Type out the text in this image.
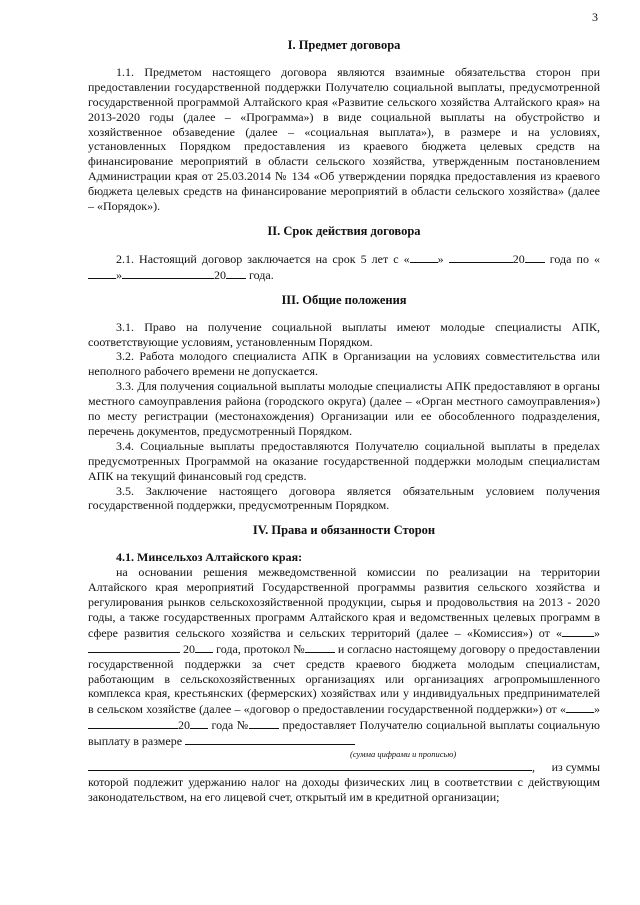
3
I. Предмет договора

1.1. Предметом настоящего договора являются взаимные обязательства сторон при предоставлении государственной поддержки Получателю социальной выплаты, предусмотренной государственной программой Алтайского края «Развитие сельского хозяйства Алтайского края» на 2013-2020 годы (далее – «Программа») в виде социальной выплаты на обустройство и хозяйственное обзаведение (далее – «социальная выплата»), в размере и на условиях, установленных Порядком предоставления из краевого бюджета целевых средств на финансирование мероприятий в области сельского хозяйства, утвержденным постановлением Администрации края от 25.03.2014 № 134 «Об утверждении порядка предоставления из краевого бюджета целевых средств на финансирование мероприятий в области сельского хозяйства» (далее – «Порядок»).

II. Срок действия договора

2.1. Настоящий договор заключается на срок 5 лет с « »	20 года по «»	20 года.

III. Общие положения

3.1. Право на получение социальной выплаты имеют молодые специалисты АПК, соответствующие условиям, установленным Порядком.

3.2. Работа молодого специалиста АПК в Организации на условиях совместительства или неполного рабочего времени не допускается.

3.3. Для получения социальной выплаты молодые специалисты АПК предоставляют в органы местного самоуправления района (городского округа) (далее – «Орган местного самоуправления») по месту регистрации (местонахождения) Организации или ее обособленного подразделения, перечень документов, предусмотренный Порядком.

3.4. Социальные выплаты предоставляются Получателю социальной выплаты в пределах предусмотренных Программой на оказание государственной поддержки молодым специалистам АПК на текущий финансовый год средств.

3.5. Заключение настоящего договора является обязательным условием получения государственной поддержки, предусмотренным Порядком.

IV. Права и обязанности Сторон

4.1. Минсельхоз Алтайского края:

на основании решения межведомственной комиссии по реализации на территории Алтайского края мероприятий Государственной программы развития сельского хозяйства и регулирования рынков сельскохозяйственной продукции, сырья и продовольствия на 2013 - 2020 годы, а также государственных программ Алтайского края и ведомственных целевых программ в сфере развития сельского хозяйства и сельских территорий (далее – «Комиссия») от «	»  20 года, протокол №	и согласно настоящему договору о предоставлении государственной поддержки за счет средств краевого бюджета молодым специалистам, работающим в сельскохозяйственных организациях или организациях агропромышленного комплекса края, крестьянских (фермерских) хозяйствах или у индивидуальных предпринимателей в сельском хозяйстве (далее – «договор о предоставлении государственной поддержки») от « »20 года №	предоставляет Получателю социальной выплаты социальную выплату в размере

(сумма цифрами и прописью)
, из суммы

которой подлежит удержанию налог на доходы физических лиц в соответствии с действующим законодательством, на его лицевой счет, открытый им в кредитной организации;
